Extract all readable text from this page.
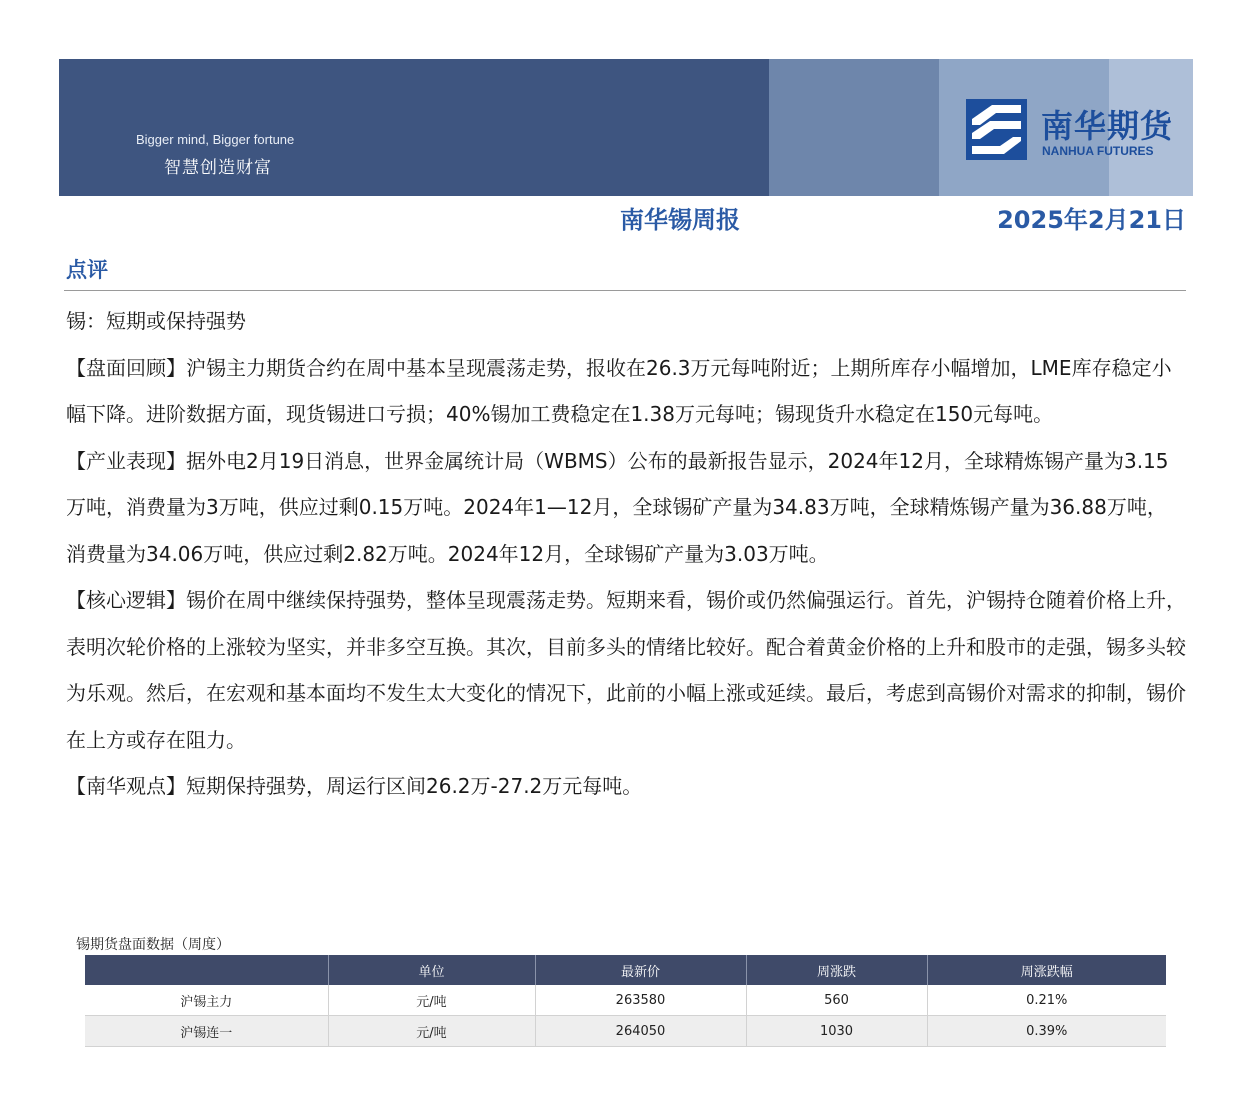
Bigger mind, Bigger fortune
智慧创造财富
南华期货
NANHUA FUTURES
南华锡周报	2025年2月21日
点评

锡：短期或保持强势

【盘面回顾】沪锡主力期货合约在周中基本呈现震荡走势，报收在26.3万元每吨附近；上期所库存小幅增加，LME库存稳定小幅下降。进阶数据方面，现货锡进口亏损；40%锡加工费稳定在1.38万元每吨；锡现货升水稳定在150元每吨。

【产业表现】据外电2月19日消息，世界金属统计局（WBMS）公布的最新报告显示，2024年12月，全球精炼锡产量为3.15万吨，消费量为3万吨，供应过剩0.15万吨。2024年1—12月，全球锡矿产量为34.83万吨，全球精炼锡产量为36.88万吨，消费量为34.06万吨，供应过剩2.82万吨。2024年12月，全球锡矿产量为3.03万吨。

【核心逻辑】锡价在周中继续保持强势，整体呈现震荡走势。短期来看，锡价或仍然偏强运行。首先，沪锡持仓随着价格上升，表明次轮价格的上涨较为坚实，并非多空互换。其次，目前多头的情绪比较好。配合着黄金价格的上升和股市的走强，锡多头较为乐观。然后，在宏观和基本面均不发生太大变化的情况下，此前的小幅上涨或延续。最后，考虑到高锡价对需求的抑制，锡价在上方或存在阻力。

【南华观点】短期保持强势，周运行区间26.2万-27.2万元每吨。

锡期货盘面数据（周度）
	单位	最新价	周涨跌	周涨跌幅
沪锡主力	元/吨	263580	560	0.21%
沪锡连一	元/吨	264050	1030	0.39%
